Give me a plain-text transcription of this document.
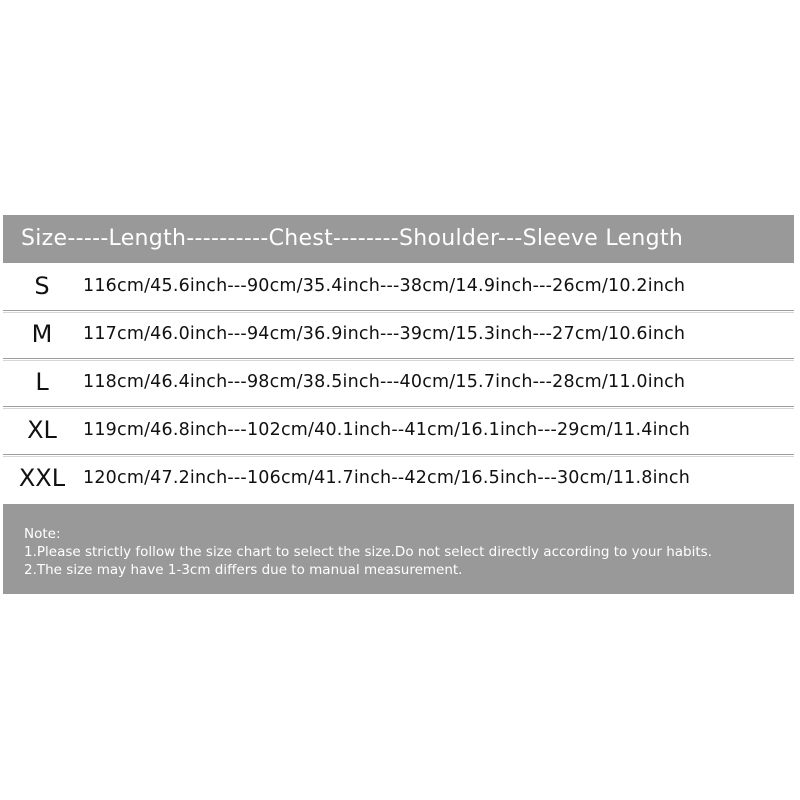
Size-----Length----------Chest--------Shoulder---Sleeve Length
S	116cm/45.6inch---90cm/35.4inch---38cm/14.9inch---26cm/10.2inch
M	117cm/46.0inch---94cm/36.9inch---39cm/15.3inch---27cm/10.6inch
L	118cm/46.4inch---98cm/38.5inch---40cm/15.7inch---28cm/11.0inch
XL	119cm/46.8inch---102cm/40.1inch--41cm/16.1inch---29cm/11.4inch
XXL	120cm/47.2inch---106cm/41.7inch--42cm/16.5inch---30cm/11.8inch
Note:
1.Please strictly follow the size chart to select the size.Do not select directly according to your habits.
2.The size may have 1-3cm differs due to manual measurement.
